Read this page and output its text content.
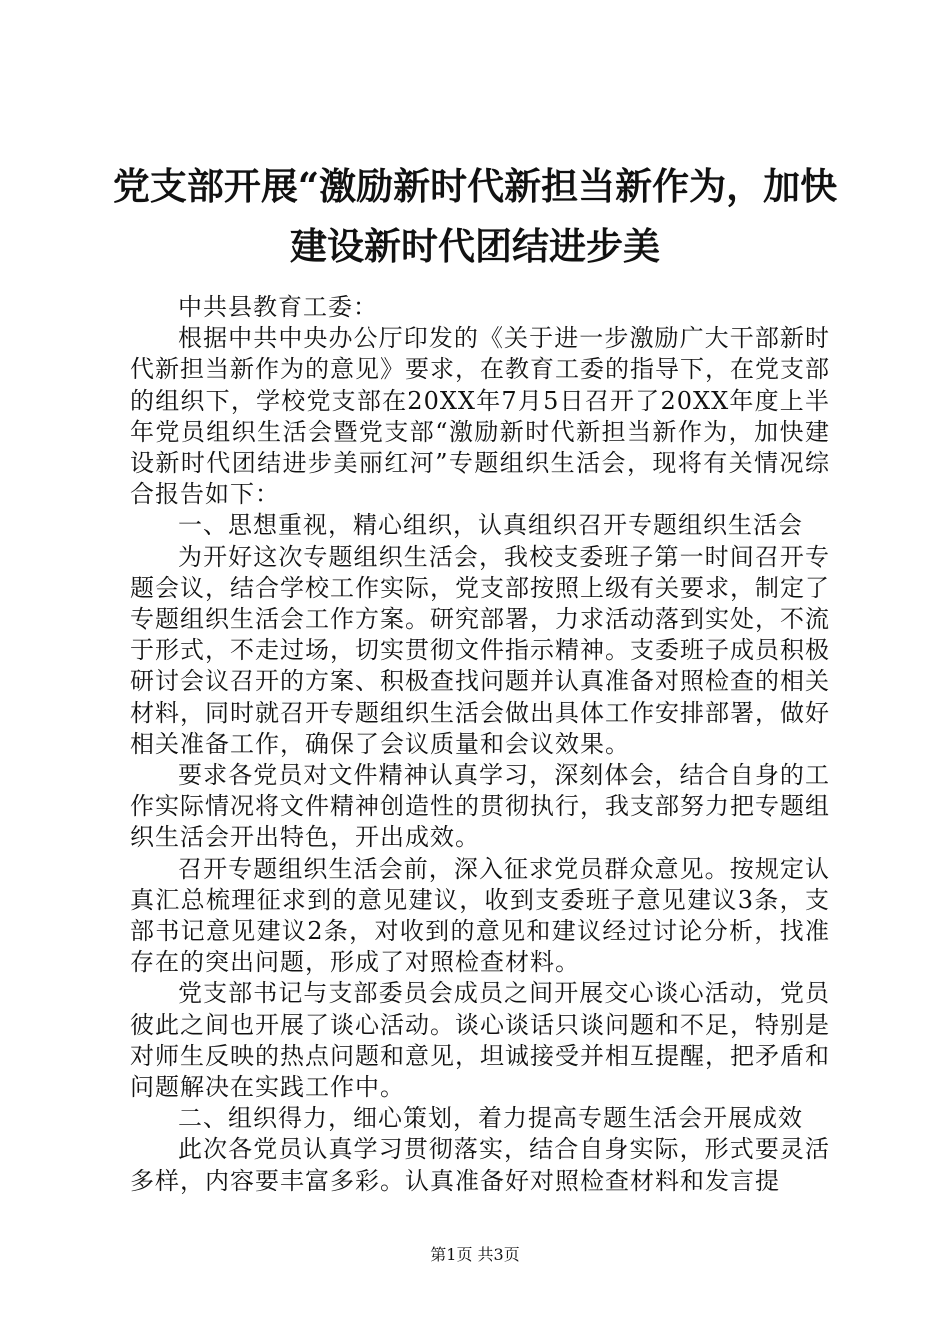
党支部开展“激励新时代新担当新作为，加快
建设新时代团结进步美

中共县教育工委：

根据中共中央办公厅印发的《关于进一步激励广大干部新时代新担当新作为的意见》要求，在教育工委的指导下，在党支部的组织下，学校党支部在20XX年7月5日召开了20XX年度上半年党员组织生活会暨党支部“激励新时代新担当新作为，加快建设新时代团结进步美丽红河”专题组织生活会，现将有关情况综合报告如下：

一、思想重视，精心组织，认真组织召开专题组织生活会

为开好这次专题组织生活会，我校支委班子第一时间召开专题会议，结合学校工作实际，党支部按照上级有关要求，制定了专题组织生活会工作方案。研究部署，力求活动落到实处，不流于形式，不走过场，切实贯彻文件指示精神。支委班子成员积极研讨会议召开的方案、积极查找问题并认真准备对照检查的相关材料，同时就召开专题组织生活会做出具体工作安排部署，做好相关准备工作，确保了会议质量和会议效果。

要求各党员对文件精神认真学习，深刻体会，结合自身的工作实际情况将文件精神创造性的贯彻执行，我支部努力把专题组织生活会开出特色，开出成效。

召开专题组织生活会前，深入征求党员群众意见。按规定认真汇总梳理征求到的意见建议，收到支委班子意见建议3条，支部书记意见建议2条，对收到的意见和建议经过讨论分析，找准存在的突出问题，形成了对照检查材料。

党支部书记与支部委员会成员之间开展交心谈心活动，党员彼此之间也开展了谈心活动。谈心谈话只谈问题和不足，特别是对师生反映的热点问题和意见，坦诚接受并相互提醒，把矛盾和问题解决在实践工作中。

二、组织得力，细心策划，着力提高专题生活会开展成效

此次各党员认真学习贯彻落实，结合自身实际，形式要灵活多样，内容要丰富多彩。认真准备好对照检查材料和发言提

第1页 共3页
